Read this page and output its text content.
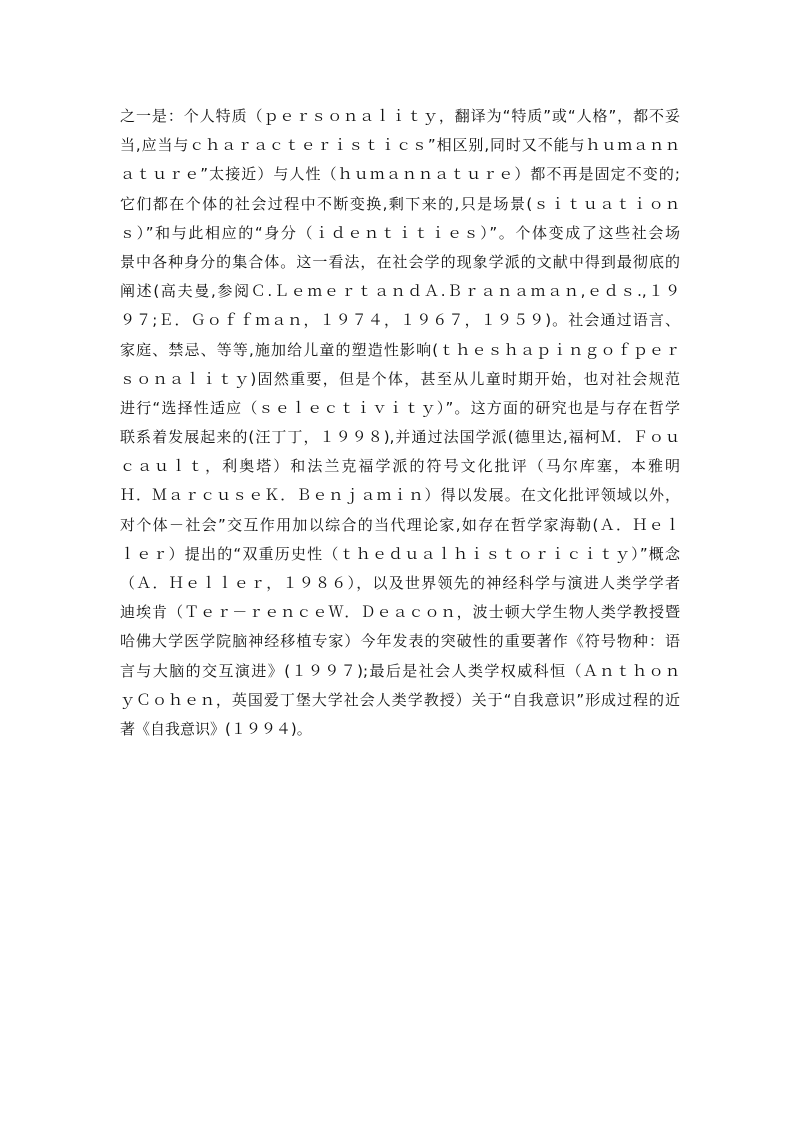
之一是：个人特质（ｐｅｒｓｏｎａｌｉｔｙ，翻译为“特质”或“人格”，都不妥
当,应当与ｃｈａｒａｃｔｅｒｉｓｔｉｃｓ”相区别,同时又不能与ｈｕｍａｎｎ
ａｔｕｒｅ”太接近）与人性（ｈｕｍａｎｎａｔｕｒｅ）都不再是固定不变的;
它们都在个体的社会过程中不断变换,剩下来的,只是场景(ｓｉｔｕａｔｉｏｎ
ｓ）”和与此相应的“身分（ｉｄｅｎｔｉｔｉｅｓ）”。个体变成了这些社会场
景中各种身分的集合体。这一看法，在社会学的现象学派的文献中得到最彻底的
阐述(高夫曼,参阅Ｃ.ＬｅｍｅｒｔａｎｄＡ.Ｂｒａｎａｍａｎ,ｅｄｓ.,１９
９７;Ｅ．Ｇｏｆｆｍａｎ，１９７４，１９６７，１９５９)。社会通过语言、
家庭、禁忌、等等,施加给儿童的塑造性影响(ｔｈｅｓｈａｐｉｎｇｏｆｐｅｒ
ｓｏｎａｌｉｔｙ)固然重要，但是个体，甚至从儿童时期开始，也对社会规范
进行“选择性适应（ｓｅｌｅｃｔｉｖｉｔｙ）”。这方面的研究也是与存在哲学
联系着发展起来的(汪丁丁，１９９８),并通过法国学派(德里达,福柯Ｍ．Ｆｏｕ
ｃａｕｌｔ，利奥塔）和法兰克福学派的符号文化批评（马尔库塞，本雅明
Ｈ．ＭａｒｃｕｓｅＫ．Ｂｅｎｊａｍｉｎ）得以发展。在文化批评领域以外，
对个体－社会”交互作用加以综合的当代理论家,如存在哲学家海勒(Ａ．Ｈｅｌ
ｌｅｒ）提出的“双重历史性（ｔｈｅｄｕａｌｈｉｓｔｏｒｉｃｉｔｙ）”概念
（Ａ．Ｈｅｌｌｅｒ，１９８６），以及世界领先的神经科学与演进人类学学者
迪埃肯（Ｔｅｒ－ｒｅｎｃｅＷ．Ｄｅａｃｏｎ，波士顿大学生物人类学教授暨
哈佛大学医学院脑神经移植专家）今年发表的突破性的重要著作《符号物种：语
言与大脑的交互演进》(１９９７);最后是社会人类学权威科恒（Ａｎｔｈｏｎ
ｙＣｏｈｅｎ，英国爱丁堡大学社会人类学教授）关于“自我意识”形成过程的近
著《自我意识》(１９９４)。
